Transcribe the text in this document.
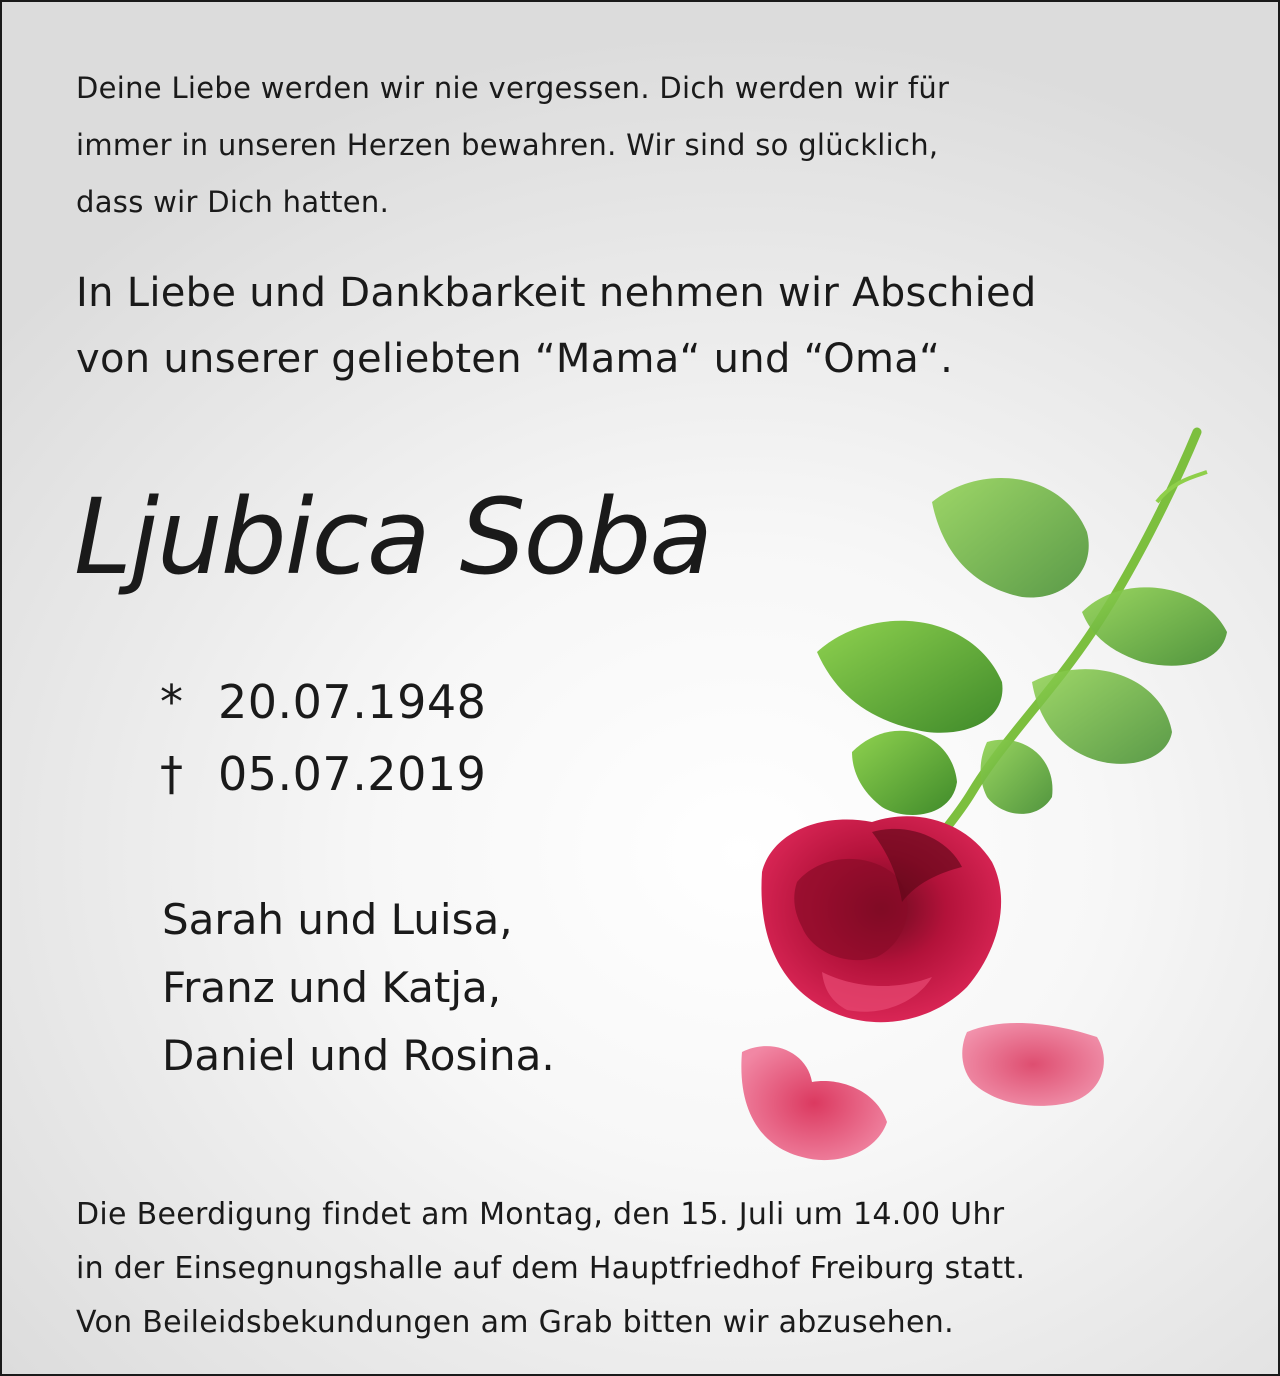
Deine Liebe werden wir nie vergessen. Dich werden wir für
immer in unseren Herzen bewahren. Wir sind so glücklich,
dass wir Dich hatten.
In Liebe und Dankbarkeit nehmen wir Abschied
von unserer geliebten “Mama“ und “Oma“.
Ljubica Soba
* 20.07.1948
† 05.07.2019
Sarah und Luisa,
Franz und Katja,
Daniel und Rosina.
Die Beerdigung findet am Montag, den 15. Juli um 14.00 Uhr
in der Einsegnungshalle auf dem Hauptfriedhof Freiburg statt.
Von Beileidsbekundungen am Grab bitten wir abzusehen.
